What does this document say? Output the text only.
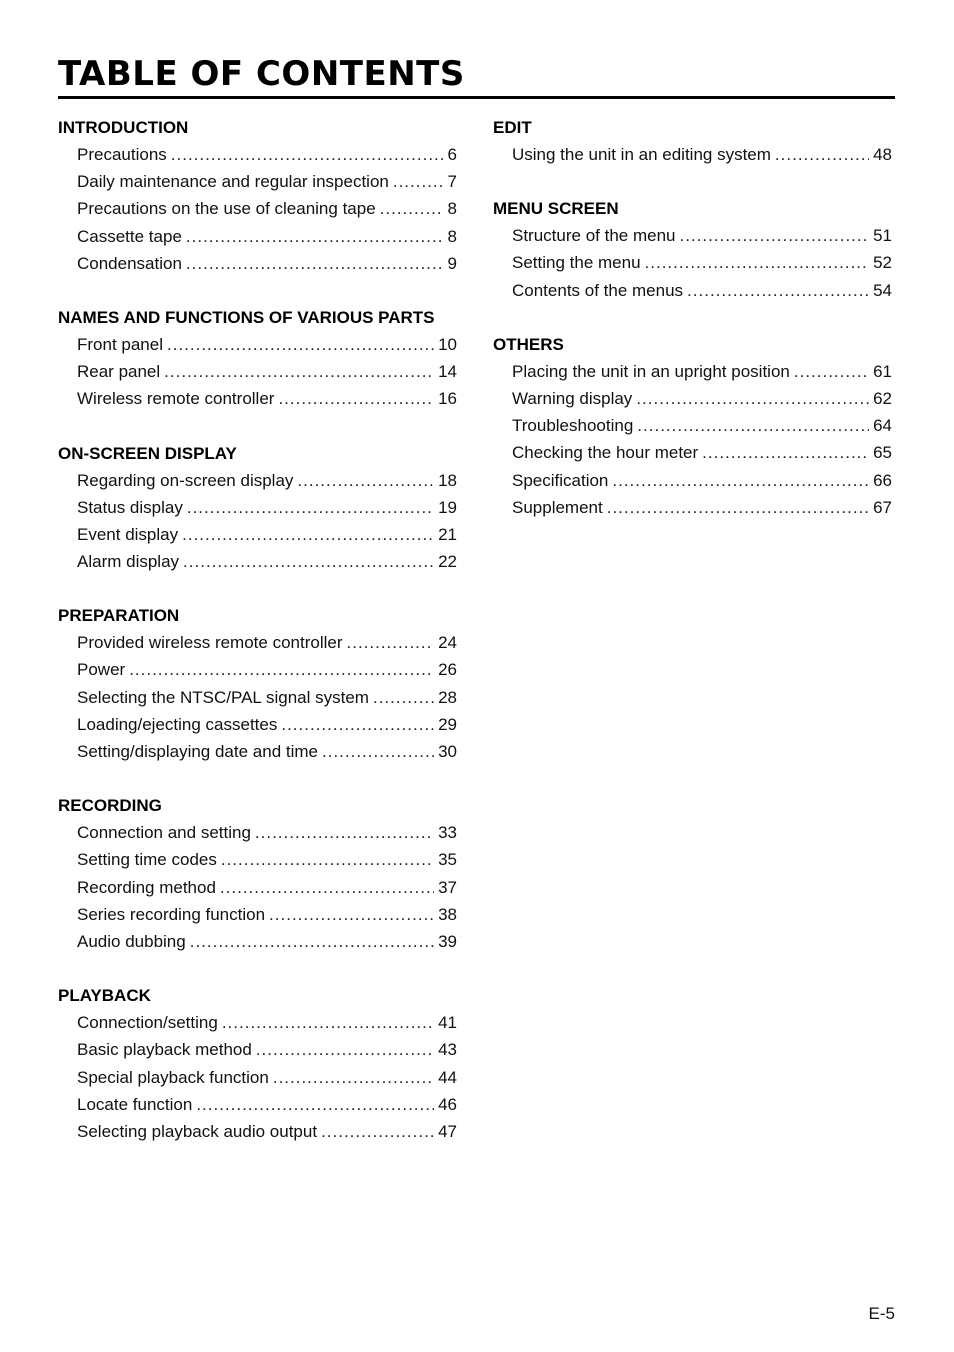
TABLE OF CONTENTS
INTRODUCTION
Precautions .....	6
Daily maintenance and regular inspection .....	7
Precautions on the use of cleaning tape .....	8
Cassette tape .....	8
Condensation .....	9
NAMES AND FUNCTIONS OF VARIOUS PARTS
Front panel .....	10
Rear panel .....	14
Wireless remote controller .....	16
ON-SCREEN DISPLAY
Regarding on-screen display .....	18
Status display .....	19
Event display .....	21
Alarm display .....	22
PREPARATION
Provided wireless remote controller .....	24
Power .....	26
Selecting the NTSC/PAL signal system .....	28
Loading/ejecting cassettes .....	29
Setting/displaying date and time .....	30
RECORDING
Connection and setting .....	33
Setting time codes .....	35
Recording method .....	37
Series recording function .....	38
Audio dubbing .....	39
PLAYBACK
Connection/setting .....	41
Basic playback method .....	43
Special playback function .....	44
Locate function .....	46
Selecting playback audio output .....	47
EDIT
Using the unit in an editing system .....	48
MENU SCREEN
Structure of the menu .....	51
Setting the menu .....	52
Contents of the menus .....	54
OTHERS
Placing the unit in an upright position .....	61
Warning display .....	62
Troubleshooting .....	64
Checking the hour meter .....	65
Specification .....	66
Supplement .....	67
E-5
